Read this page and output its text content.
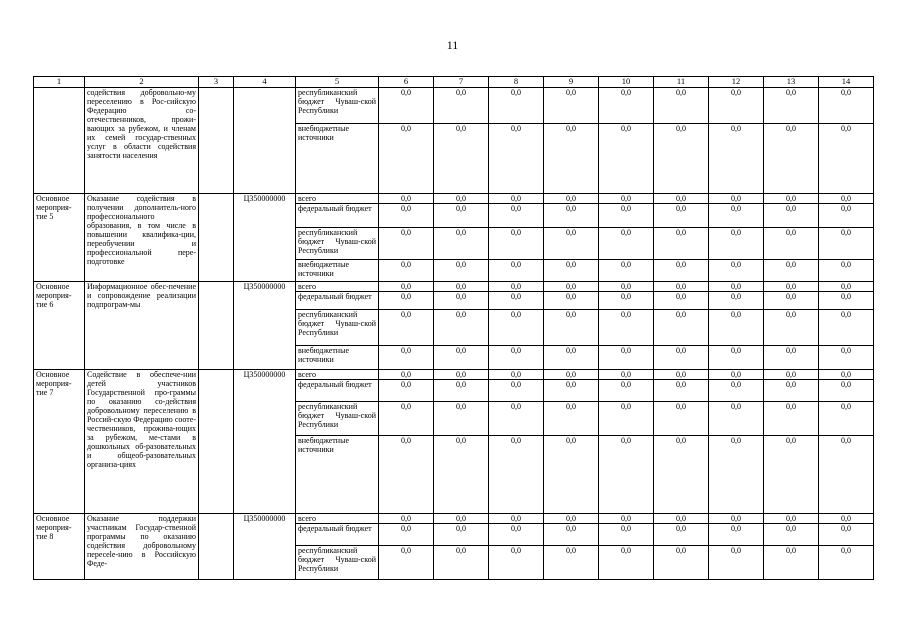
11
1	2	3	4	5	6	7	8	9	10	11	12	13	14
	содействия добровольно-му переселению в Рос-сийскую Федерацию со-отечественников, прожи-вающих за рубежом, и членам их семей государ-ственных услуг в области содействия занятости населения			республиканский бюджет Чуваш-ской Республики	0,0	0,0	0,0	0,0	0,0	0,0	0,0	0,0	0,0
				внебюджетные источники	0,0	0,0	0,0	0,0	0,0	0,0	0,0	0,0	0,0
Основное мероприя-тие 5	Оказание содействия в получении дополнитель-ного профессионального образования, в том числе в повышении квалифика-ции, переобучении и профессиональной пере-подготовке		Ц350000000	всего	0,0	0,0	0,0	0,0	0,0	0,0	0,0	0,0	0,0
				федеральный бюджет	0,0	0,0	0,0	0,0	0,0	0,0	0,0	0,0	0,0
				республиканский бюджет Чуваш-ской Республики	0,0	0,0	0,0	0,0	0,0	0,0	0,0	0,0	0,0
				внебюджетные источники	0,0	0,0	0,0	0,0	0,0	0,0	0,0	0,0	0,0
Основное мероприя-тие 6	Информационное обес-печение и сопровождение реализации подпрограм-мы		Ц350000000	всего	0,0	0,0	0,0	0,0	0,0	0,0	0,0	0,0	0,0
				федеральный бюджет	0,0	0,0	0,0	0,0	0,0	0,0	0,0	0,0	0,0
				республиканский бюджет Чуваш-ской Республики	0,0	0,0	0,0	0,0	0,0	0,0	0,0	0,0	0,0
				внебюджетные источники	0,0	0,0	0,0	0,0	0,0	0,0	0,0	0,0	0,0
Основное мероприя-тие 7	Содействие в обеспече-нии детей участников Государственной про-граммы по оказанию со-действия добровольному переселению в Россий-скую Федерацию сооте-чественников, прожива-ющих за рубежом, ме-стами в дошкольных об-разовательных и общеоб-разовательных организа-циях		Ц350000000	всего	0,0	0,0	0,0	0,0	0,0	0,0	0,0	0,0	0,0
				федеральный бюджет	0,0	0,0	0,0	0,0	0,0	0,0	0,0	0,0	0,0
				республиканский бюджет Чуваш-ской Республики	0,0	0,0	0,0	0,0	0,0	0,0	0,0	0,0	0,0
				внебюджетные источники	0,0	0,0	0,0	0,0	0,0	0,0	0,0	0,0	0,0
Основное мероприя-тие 8	Оказание поддержки участникам Государ-ственной программы по оказанию содействия добровольному пересele-нию в Российскую Феде-		Ц350000000	всего	0,0	0,0	0,0	0,0	0,0	0,0	0,0	0,0	0,0
				федеральный бюджет	0,0	0,0	0,0	0,0	0,0	0,0	0,0	0,0	0,0
				республиканский бюджет Чуваш-ской Республики	0,0	0,0	0,0	0,0	0,0	0,0	0,0	0,0	0,0
